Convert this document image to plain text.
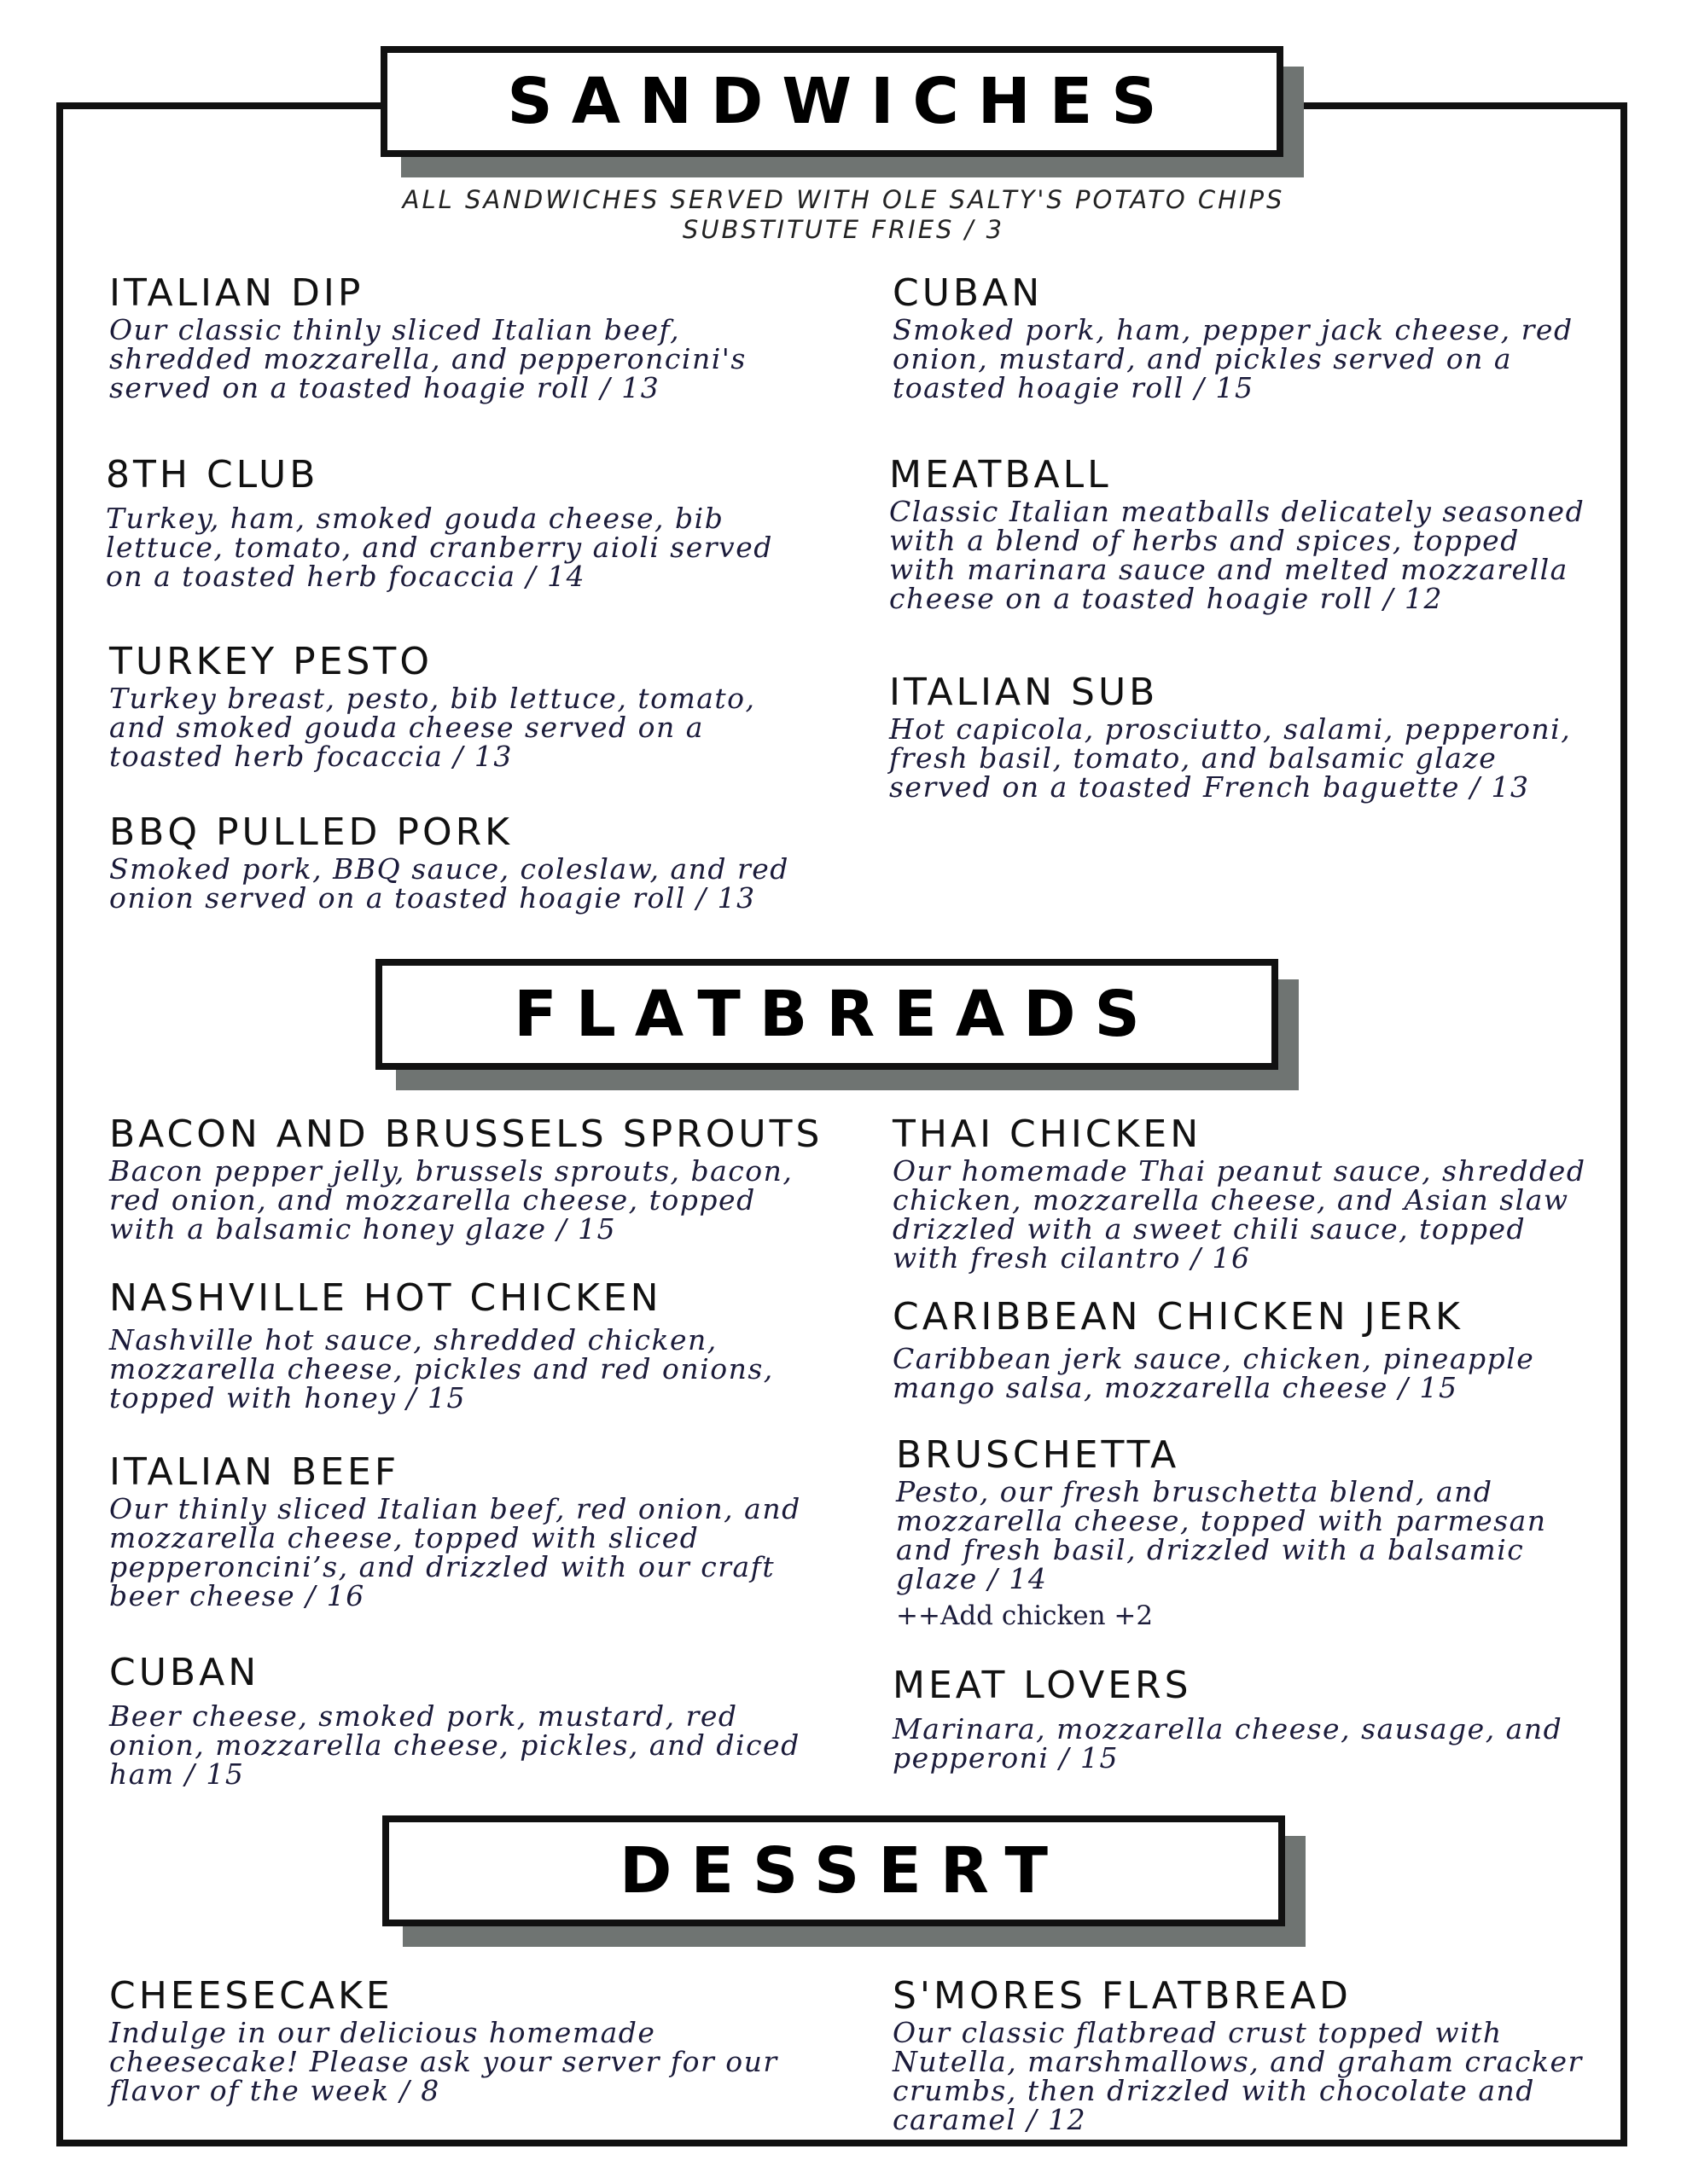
SANDWICHES
ALL SANDWICHES SERVED WITH OLE SALTY'S POTATO CHIPS
SUBSTITUTE FRIES / 3
ITALIAN DIP
Our classic thinly sliced Italian beef,
shredded mozzarella, and pepperoncini's
served on a toasted hoagie roll / 13
CUBAN
Smoked pork, ham, pepper jack cheese, red
onion, mustard, and pickles served on a
toasted hoagie roll / 15
8TH CLUB
Turkey, ham, smoked gouda cheese, bib
lettuce, tomato, and cranberry aioli served
on a toasted herb focaccia / 14
MEATBALL
Classic Italian meatballs delicately seasoned
with a blend of herbs and spices, topped
with marinara sauce and melted mozzarella
cheese on a toasted hoagie roll / 12
TURKEY PESTO
Turkey breast, pesto, bib lettuce, tomato,
and smoked gouda cheese served on a
toasted herb focaccia / 13
ITALIAN SUB
Hot capicola, prosciutto, salami, pepperoni,
fresh basil, tomato, and balsamic glaze
served on a toasted French baguette / 13
BBQ PULLED PORK
Smoked pork, BBQ sauce, coleslaw, and red
onion served on a toasted hoagie roll / 13
FLATBREADS
BACON AND BRUSSELS SPROUTS
Bacon pepper jelly, brussels sprouts, bacon,
red onion, and mozzarella cheese, topped
with a balsamic honey glaze / 15
THAI CHICKEN
Our homemade Thai peanut sauce, shredded
chicken, mozzarella cheese, and Asian slaw
drizzled with a sweet chili sauce, topped
with fresh cilantro / 16
NASHVILLE HOT CHICKEN
Nashville hot sauce, shredded chicken,
mozzarella cheese, pickles and red onions,
topped with honey / 15
CARIBBEAN CHICKEN JERK
Caribbean jerk sauce, chicken, pineapple
mango salsa, mozzarella cheese / 15
ITALIAN BEEF
Our thinly sliced Italian beef, red onion, and
mozzarella cheese, topped with sliced
pepperoncini’s, and drizzled with our craft
beer cheese / 16
BRUSCHETTA
Pesto, our fresh bruschetta blend, and
mozzarella cheese, topped with parmesan
and fresh basil, drizzled with a balsamic
glaze / 14
++Add chicken +2
CUBAN
Beer cheese, smoked pork, mustard, red
onion, mozzarella cheese, pickles, and diced
ham / 15
MEAT LOVERS
Marinara, mozzarella cheese, sausage, and
pepperoni / 15
DESSERT
CHEESECAKE
Indulge in our delicious homemade
cheesecake! Please ask your server for our
flavor of the week / 8
S'MORES FLATBREAD
Our classic flatbread crust topped with
Nutella, marshmallows, and graham cracker
crumbs, then drizzled with chocolate and
caramel / 12
